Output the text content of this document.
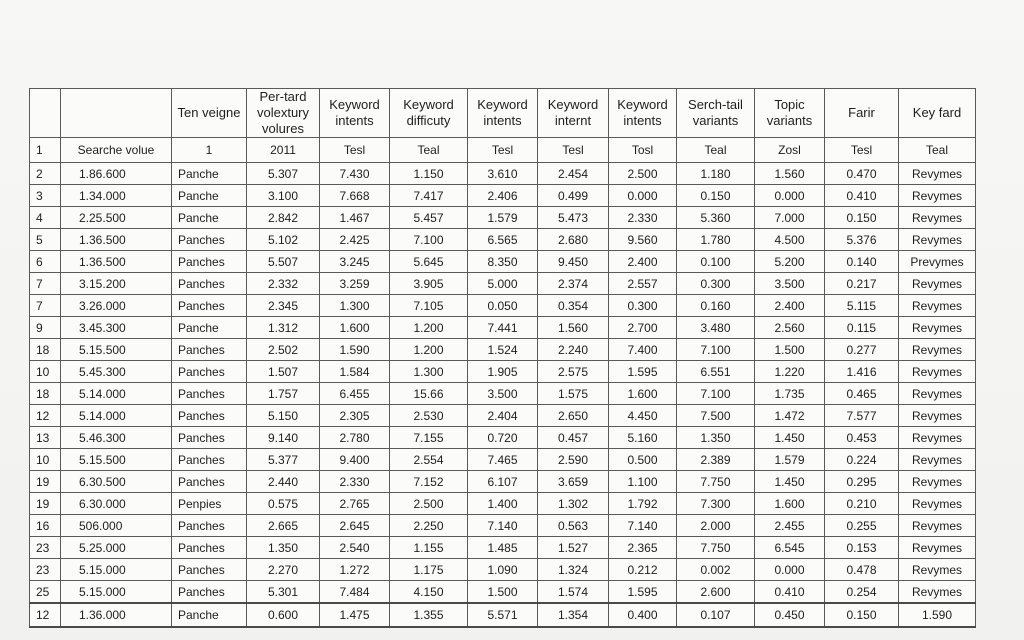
		Ten veigne	Per-tard volextury volures	Keyword intents	Keyword difficuty	Keyword intents	Keyword internt	Keyword intents	Serch-tail variants	Topic variants	Farir	Key fard
1	Searche volue	1	2011	Tesl	Teal	Tesl	Tesl	Tosl	Teal	Zosl	Tesl	Teal
2	1.86.600	Panche	5.307	7.430	1.150	3.610	2.454	2.500	1.180	1.560	0.470	Revymes
3	1.34.000	Panche	3.100	7.668	7.417	2.406	0.499	0.000	0.150	0.000	0.410	Revymes
4	2.25.500	Panche	2.842	1.467	5.457	1.579	5.473	2.330	5.360	7.000	0.150	Revymes
5	1.36.500	Panches	5.102	2.425	7.100	6.565	2.680	9.560	1.780	4.500	5.376	Revymes
6	1.36.500	Panches	5.507	3.245	5.645	8.350	9.450	2.400	0.100	5.200	0.140	Prevymes
7	3.15.200	Panches	2.332	3.259	3.905	5.000	2.374	2.557	0.300	3.500	0.217	Revymes
7	3.26.000	Panches	2.345	1.300	7.105	0.050	0.354	0.300	0.160	2.400	5.115	Revymes
9	3.45.300	Panche	1.312	1.600	1.200	7.441	1.560	2.700	3.480	2.560	0.115	Revymes
18	5.15.500	Panches	2.502	1.590	1.200	1.524	2.240	7.400	7.100	1.500	0.277	Revymes
10	5.45.300	Panches	1.507	1.584	1.300	1.905	2.575	1.595	6.551	1.220	1.416	Revymes
18	5.14.000	Panches	1.757	6.455	15.66	3.500	1.575	1.600	7.100	1.735	0.465	Revymes
12	5.14.000	Panches	5.150	2.305	2.530	2.404	2.650	4.450	7.500	1.472	7.577	Revymes
13	5.46.300	Panches	9.140	2.780	7.155	0.720	0.457	5.160	1.350	1.450	0.453	Revymes
10	5.15.500	Panches	5.377	9.400	2.554	7.465	2.590	0.500	2.389	1.579	0.224	Revymes
19	6.30.500	Panches	2.440	2.330	7.152	6.107	3.659	1.100	7.750	1.450	0.295	Revymes
19	6.30.000	Penpies	0.575	2.765	2.500	1.400	1.302	1.792	7.300	1.600	0.210	Revymes
16	506.000	Panches	2.665	2.645	2.250	7.140	0.563	7.140	2.000	2.455	0.255	Revymes
23	5.25.000	Panches	1.350	2.540	1.155	1.485	1.527	2.365	7.750	6.545	0.153	Revymes
23	5.15.000	Panches	2.270	1.272	1.175	1.090	1.324	0.212	0.002	0.000	0.478	Revymes
25	5.15.000	Panches	5.301	7.484	4.150	1.500	1.574	1.595	2.600	0.410	0.254	Revymes
12	1.36.000	Panche	0.600	1.475	1.355	5.571	1.354	0.400	0.107	0.450	0.150	1.590
